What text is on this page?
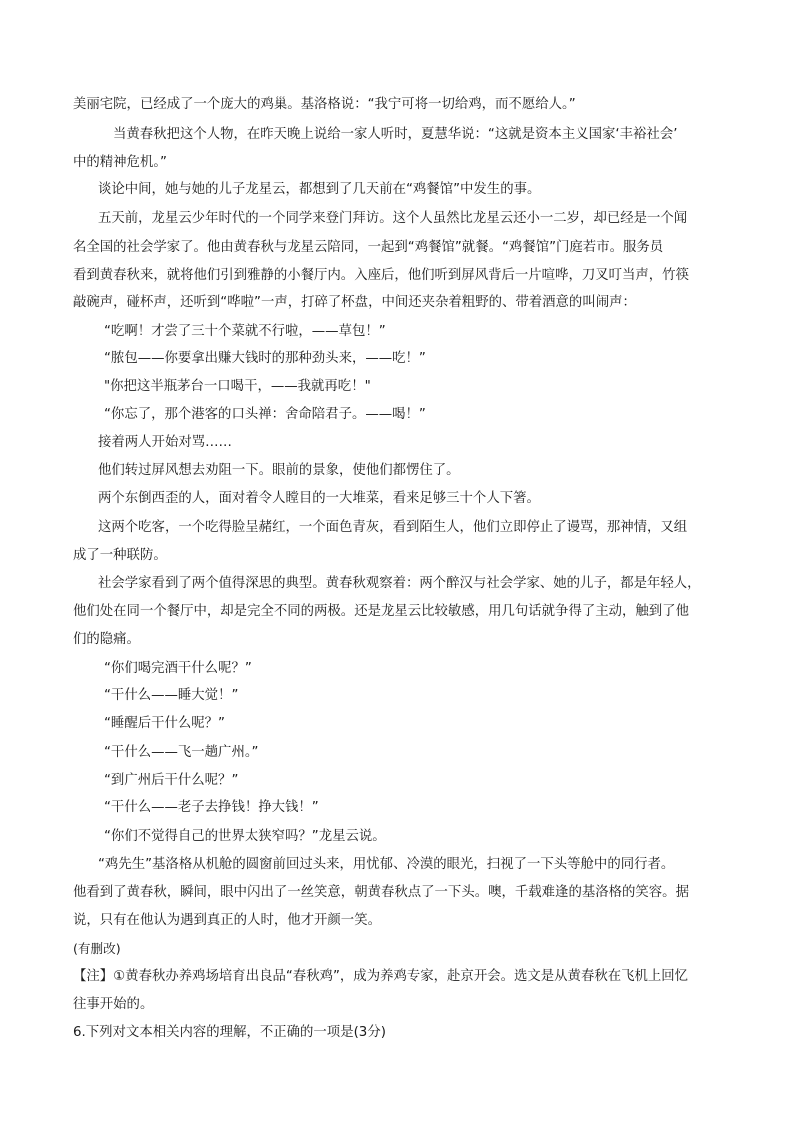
美丽宅院，已经成了一个庞大的鸡巢。基洛格说：“我宁可将一切给鸡，而不愿给人。”
当黄春秋把这个人物，在昨天晚上说给一家人听时，夏慧华说：“这就是资本主义国家‘丰裕社会’
中的精神危机。”
谈论中间，她与她的儿子龙星云，都想到了几天前在“鸡餐馆”中发生的事。
五天前，龙星云少年时代的一个同学来登门拜访。这个人虽然比龙星云还小一二岁，却已经是一个闻
名全国的社会学家了。他由黄春秋与龙星云陪同，一起到“鸡餐馆”就餐。“鸡餐馆”门庭若市。服务员
看到黄春秋来，就将他们引到雅静的小餐厅内。入座后，他们听到屏风背后一片喧哗，刀叉叮当声，竹筷
敲碗声，碰杯声，还听到“哗啦”一声，打碎了杯盘，中间还夹杂着粗野的、带着酒意的叫闹声：
“吃啊！才尝了三十个菜就不行啦，——草包！”
“脓包——你要拿出赚大钱时的那种劲头来，——吃！”
"你把这半瓶茅台一口喝干，——我就再吃！"
“你忘了，那个港客的口头禅：舍命陪君子。——喝！”
接着两人开始对骂……
他们转过屏风想去劝阻一下。眼前的景象，使他们都愣住了。
两个东倒西歪的人，面对着令人瞠目的一大堆菜，看来足够三十个人下箸。
这两个吃客，一个吃得脸呈赭红，一个面色青灰，看到陌生人，他们立即停止了谩骂，那神情，又组
成了一种联防。
社会学家看到了两个值得深思的典型。黄春秋观察着：两个醉汉与社会学家、她的儿子，都是年轻人，
他们处在同一个餐厅中，却是完全不同的两极。还是龙星云比较敏感，用几句话就争得了主动，触到了他
们的隐痛。
“你们喝完酒干什么呢？”
“干什么——睡大觉！”
“睡醒后干什么呢？”
“干什么——飞一趟广州。”
“到广州后干什么呢？”
“干什么——老子去挣钱！挣大钱！”
“你们不觉得自己的世界太狭窄吗？”龙星云说。
“鸡先生”基洛格从机舱的圆窗前回过头来，用忧郁、冷漠的眼光，扫视了一下头等舱中的同行者。
他看到了黄春秋，瞬间，眼中闪出了一丝笑意，朝黄春秋点了一下头。噢，千载难逢的基洛格的笑容。据
说，只有在他认为遇到真正的人时，他才开颜一笑。
(有删改)
【注】①黄春秋办养鸡场培育出良品“春秋鸡”，成为养鸡专家，赴京开会。选文是从黄春秋在飞机上回忆
往事开始的。
6.下列对文本相关内容的理解，不正确的一项是(3分)
